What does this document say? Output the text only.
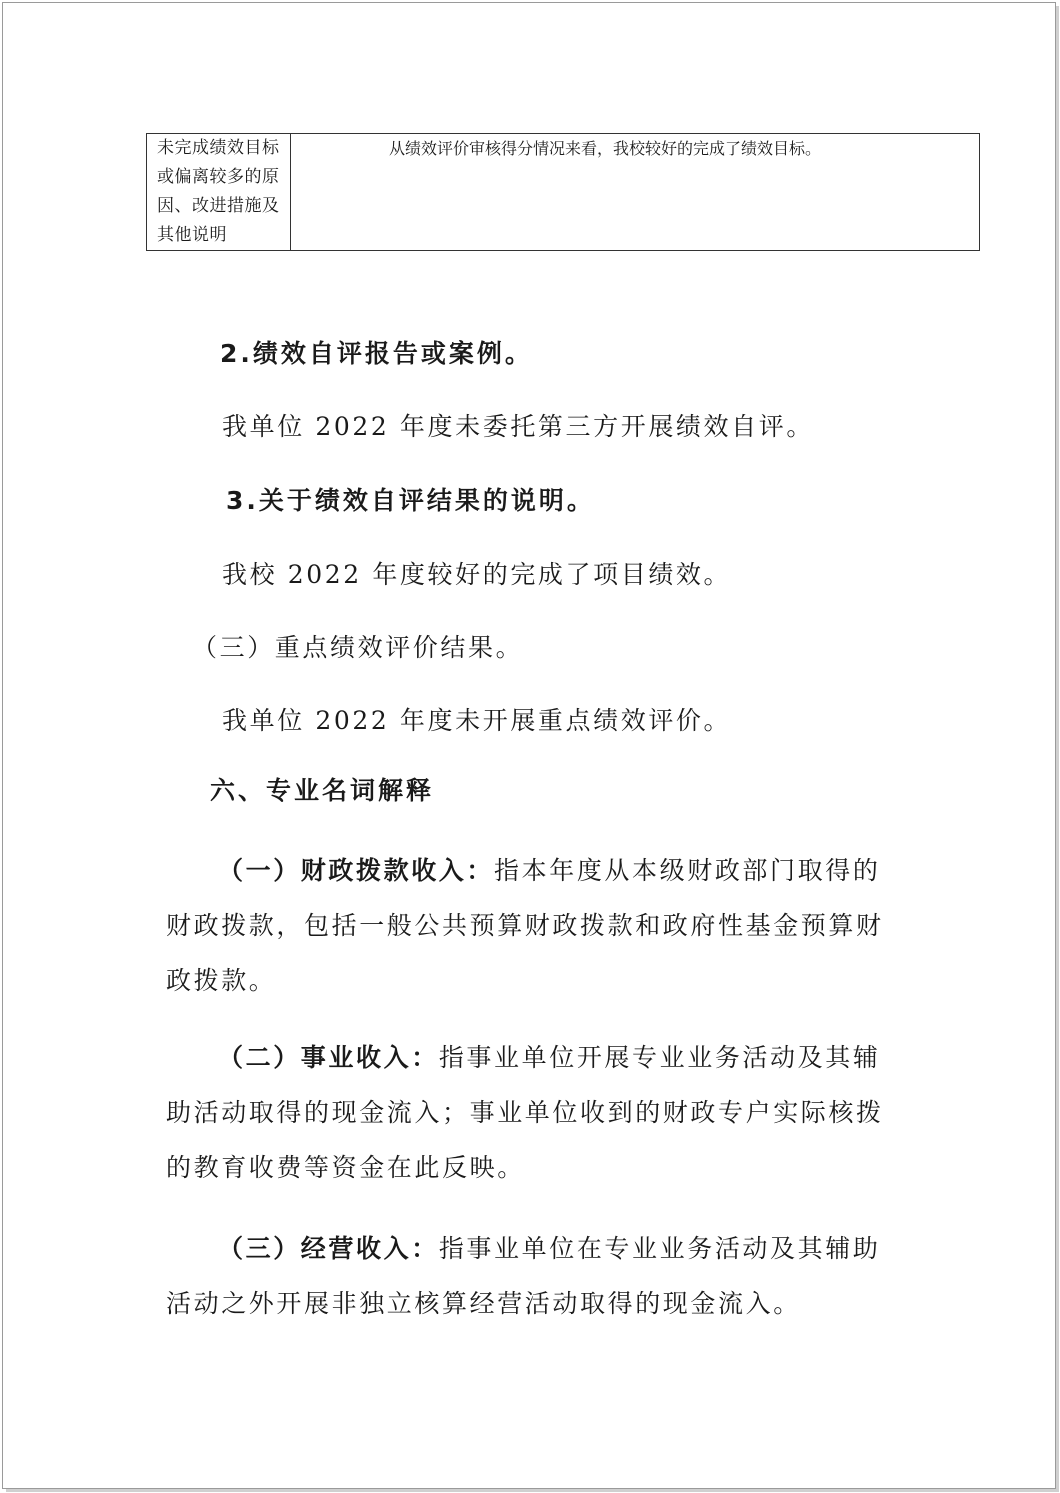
未完成绩效目标
或偏离较多的原
因、改进措施及
其他说明

从绩效评价审核得分情况来看，我校较好的完成了绩效目标。
2.绩效自评报告或案例。
我单位 2022 年度未委托第三方开展绩效自评。
3.关于绩效自评结果的说明。
我校 2022 年度较好的完成了项目绩效。
（三）重点绩效评价结果。
我单位 2022 年度未开展重点绩效评价。
六、专业名词解释
（一）财政拨款收入：指本年度从本级财政部门取得的
财政拨款，包括一般公共预算财政拨款和政府性基金预算财
政拨款。
（二）事业收入：指事业单位开展专业业务活动及其辅
助活动取得的现金流入；事业单位收到的财政专户实际核拨
的教育收费等资金在此反映。
（三）经营收入：指事业单位在专业业务活动及其辅助
活动之外开展非独立核算经营活动取得的现金流入。
